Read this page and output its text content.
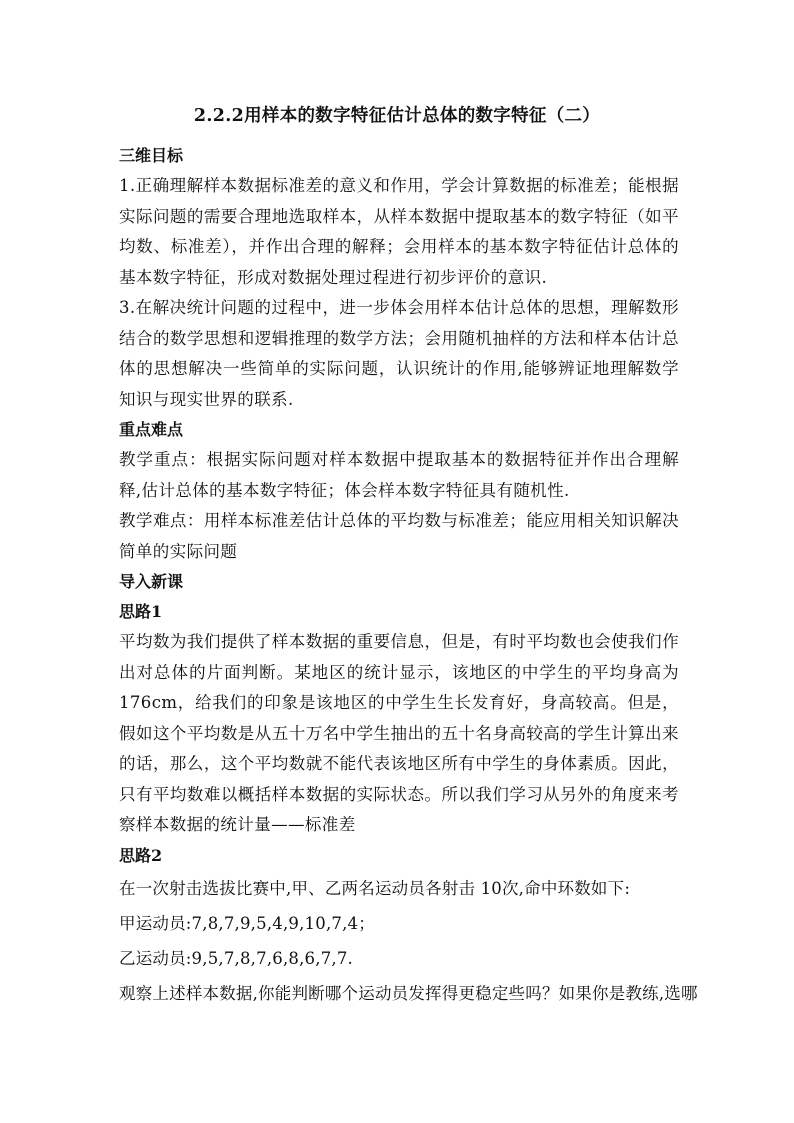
2.2.2用样本的数字特征估计总体的数字特征（二）
三维目标

1.正确理解样本数据标准差的意义和作用，学会计算数据的标准差；能根据实际问题的需要合理地选取样本，从样本数据中提取基本的数字特征（如平均数、标准差），并作出合理的解释；会用样本的基本数字特征估计总体的基本数字特征，形成对数据处理过程进行初步评价的意识.

3.在解决统计问题的过程中，进一步体会用样本估计总体的思想，理解数形结合的数学思想和逻辑推理的数学方法；会用随机抽样的方法和样本估计总体的思想解决一些简单的实际问题，认识统计的作用,能够辨证地理解数学知识与现实世界的联系.

重点难点

教学重点：根据实际问题对样本数据中提取基本的数据特征并作出合理解释,估计总体的基本数字特征；体会样本数字特征具有随机性.

教学难点：用样本标准差估计总体的平均数与标准差；能应用相关知识解决简单的实际问题

导入新课
思路1

平均数为我们提供了样本数据的重要信息，但是，有时平均数也会使我们作出对总体的片面判断。某地区的统计显示，该地区的中学生的平均身高为176cm，给我们的印象是该地区的中学生生长发育好，身高较高。但是，假如这个平均数是从五十万名中学生抽出的五十名身高较高的学生计算出来的话，那么，这个平均数就不能代表该地区所有中学生的身体素质。因此，只有平均数难以概括样本数据的实际状态。所以我们学习从另外的角度来考察样本数据的统计量——标准差

思路2
在一次射击选拔比赛中,甲、乙两名运动员各射击 10次,命中环数如下:
甲运动员:7,8,7,9,5,4,9,10,7,4；
乙运动员:9,5,7,8,7,6,8,6,7,7.
观察上述样本数据,你能判断哪个运动员发挥得更稳定些吗？如果你是教练,选哪
